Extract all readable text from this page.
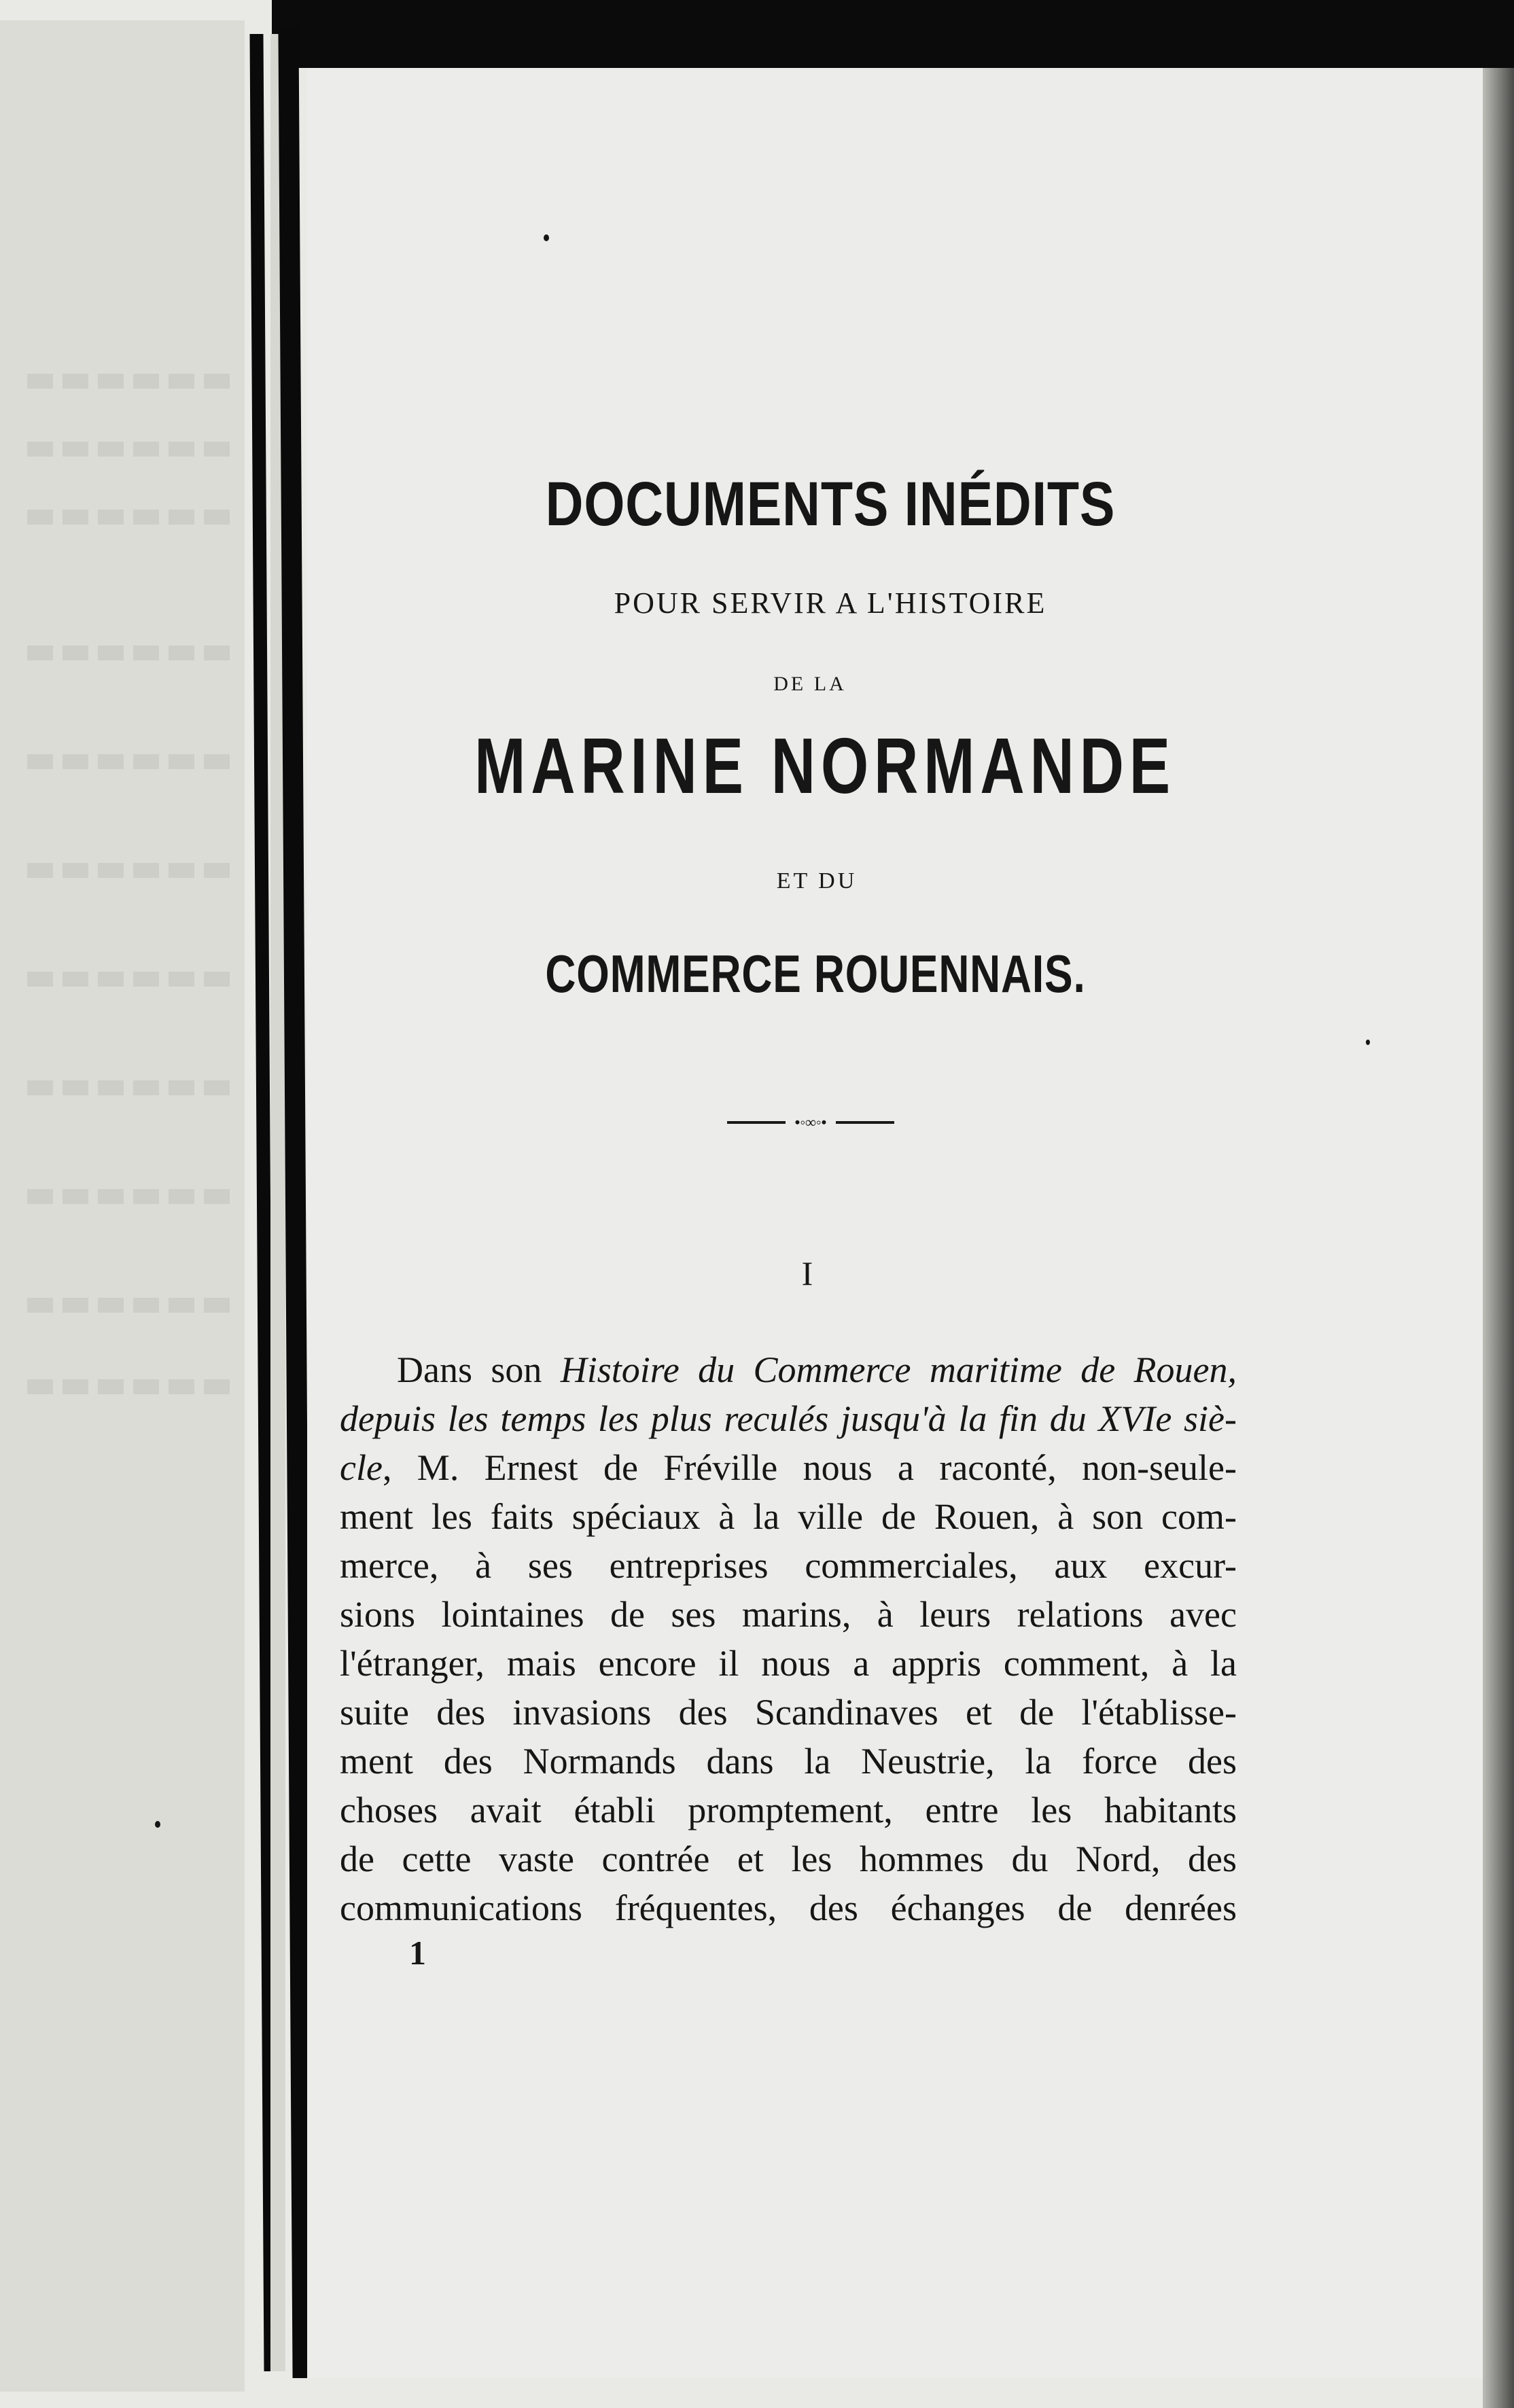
DOCUMENTS INÉDITS
POUR SERVIR A L'HISTOIRE
DE LA
MARINE NORMANDE
ET DU
COMMERCE ROUENNAIS.
•◦∞◦•
I
Dans son Histoire du Commerce maritime de Rouen,
depuis les temps les plus reculés jusqu'à la fin du XVIe siè-
cle, M. Ernest de Fréville nous a raconté, non-seule-
ment les faits spéciaux à la ville de Rouen, à son com-
merce, à ses entreprises commerciales, aux excur-
sions lointaines de ses marins, à leurs relations avec
l'étranger, mais encore il nous a appris comment, à la
suite des invasions des Scandinaves et de l'établisse-
ment des Normands dans la Neustrie, la force des
choses avait établi promptement, entre les habitants
de cette vaste contrée et les hommes du Nord, des
communications fréquentes, des échanges de denrées
1
